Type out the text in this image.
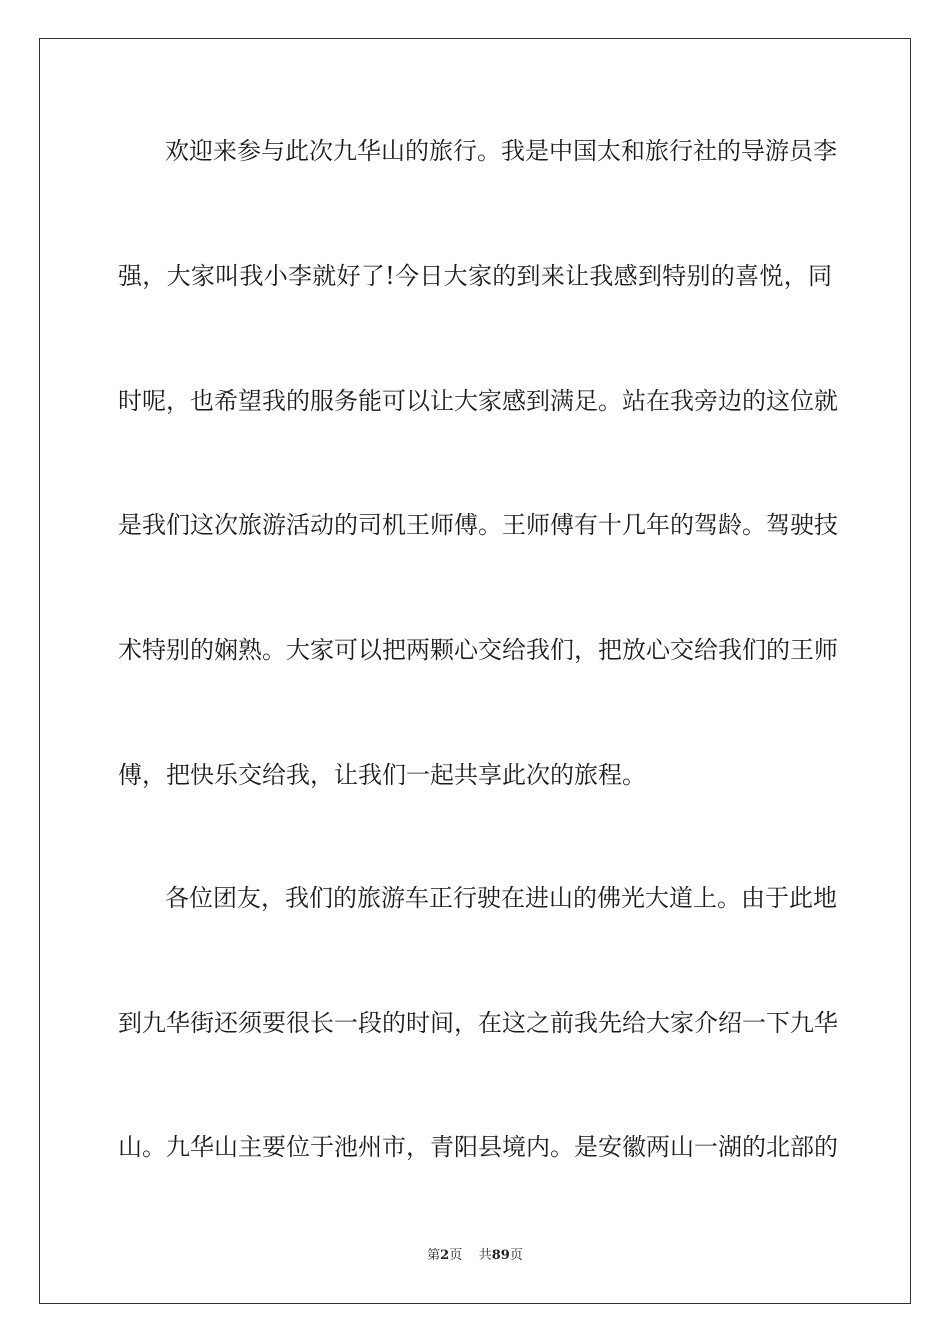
欢迎来参与此次九华山的旅行。我是中国太和旅行社的导游员李
强，大家叫我小李就好了!今日大家的到来让我感到特别的喜悦，同
时呢，也希望我的服务能可以让大家感到满足。站在我旁边的这位就
是我们这次旅游活动的司机王师傅。王师傅有十几年的驾龄。驾驶技
术特别的娴熟。大家可以把两颗心交给我们，把放心交给我们的王师
傅，把快乐交给我，让我们一起共享此次的旅程。
各位团友，我们的旅游车正行驶在进山的佛光大道上。由于此地
到九华街还须要很长一段的时间，在这之前我先给大家介绍一下九华
山。九华山主要位于池州市，青阳县境内。是安徽两山一湖的北部的
第2页 共89页
